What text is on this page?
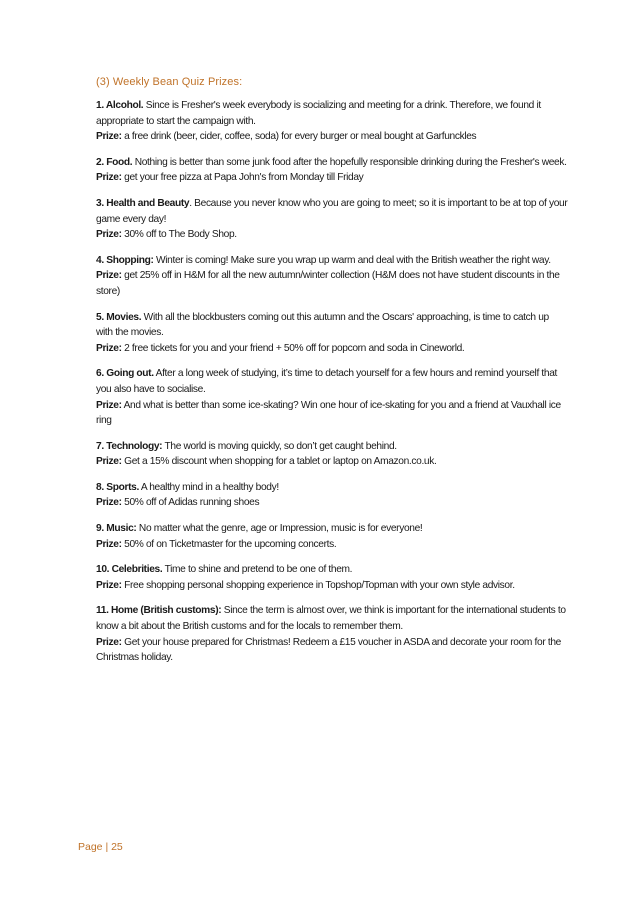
(3) Weekly Bean Quiz Prizes:

1. Alcohol. Since is Fresher's week everybody is socializing and meeting for a drink. Therefore, we found it appropriate to start the campaign with.
Prize: a free drink (beer, cider, coffee, soda) for every burger or meal bought at Garfunckles

2. Food. Nothing is better than some junk food after the hopefully responsible drinking during the Fresher's week.
Prize: get your free pizza at Papa John's from Monday till Friday

3. Health and Beauty. Because you never know who you are going to meet; so it is important to be at top of your game every day!
Prize: 30% off to The Body Shop.

4. Shopping: Winter is coming! Make sure you wrap up warm and deal with the British weather the right way.
Prize: get 25% off in H&M for all the new autumn/winter collection (H&M does not have student discounts in the store)

5. Movies. With all the blockbusters coming out this autumn and the Oscars' approaching, is time to catch up with the movies.
Prize: 2 free tickets for you and your friend + 50% off for popcorn and soda in Cineworld.

6. Going out. After a long week of studying, it’s time to detach yourself for a few hours and remind yourself that you also have to socialise.
Prize: And what is better than some ice-skating? Win one hour of ice-skating for you and a friend at Vauxhall ice ring

7. Technology: The world is moving quickly, so don’t get caught behind.
Prize: Get a 15% discount when shopping for a tablet or laptop on Amazon.co.uk.

8. Sports. A healthy mind in a healthy body!
Prize: 50% off of Adidas running shoes

9. Music: No matter what the genre, age or Impression, music is for everyone!
Prize: 50% of on Ticketmaster for the upcoming concerts.

10. Celebrities. Time to shine and pretend to be one of them.
Prize: Free shopping personal shopping experience in Topshop/Topman with your own style advisor.

11. Home (British customs): Since the term is almost over, we think is important for the international students to know a bit about the British customs and for the locals to remember them.
Prize: Get your house prepared for Christmas! Redeem a £15 voucher in ASDA and decorate your room for the Christmas holiday.

Page | 25
